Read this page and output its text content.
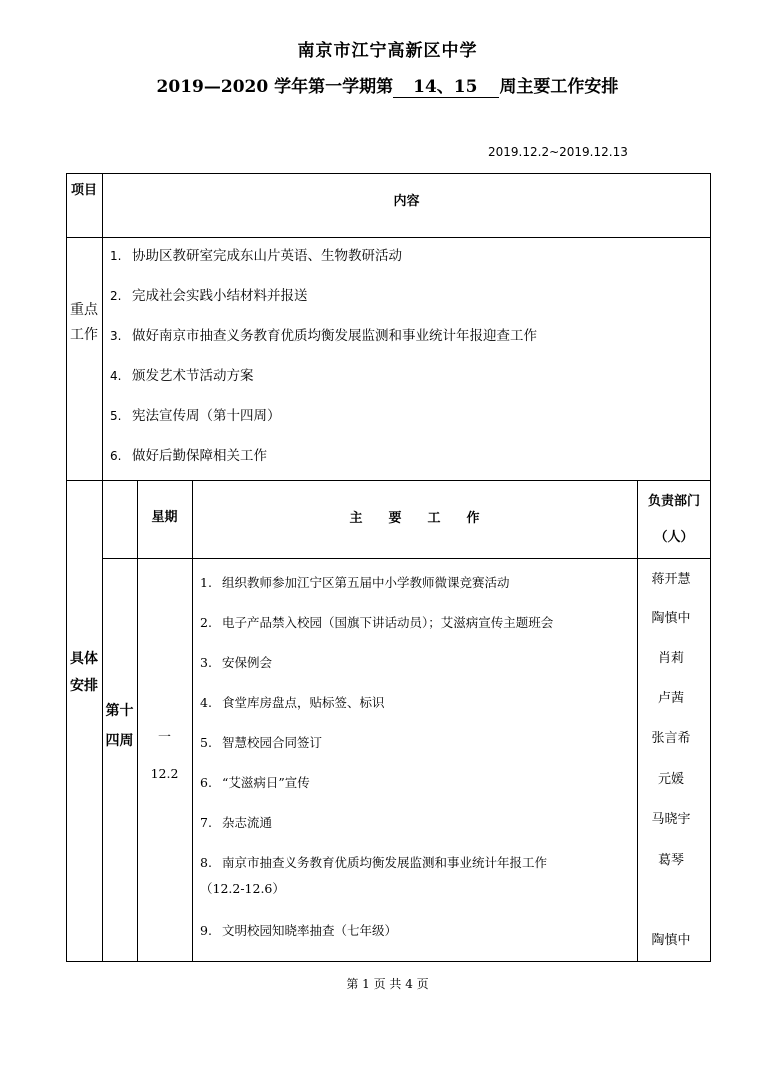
南京市江宁高新区中学
2019—2020 学年第一学期第 14、15 周主要工作安排
2019.12.2~2019.12.13
项目
内容
重点工作
1. 协助区教研室完成东山片英语、生物教研活动
2. 完成社会实践小结材料并报送
3. 做好南京市抽查义务教育优质均衡发展监测和事业统计年报迎查工作
4. 颁发艺术节活动方案
5. 宪法宣传周（第十四周）
6. 做好后勤保障相关工作
具体安排
星期	主　　要　　工　　作
负责部门（人）
第十四周	一
12.2
1. 组织教师参加江宁区第五届中小学教师微课竞赛活动
2. 电子产品禁入校园（国旗下讲话动员）；艾滋病宣传主题班会
3. 安保例会
4. 食堂库房盘点，贴标签、标识
5. 智慧校园合同签订
6. “艾滋病日”宣传
7. 杂志流通
8. 南京市抽查义务教育优质均衡发展监测和事业统计年报工作
（12.2-12.6）
9. 文明校园知晓率抽查（七年级）
蒋开慧
陶慎中
肖莉
卢茜
张言希
元媛
马晓宇
葛琴
陶慎中
第 1 页 共 4 页
